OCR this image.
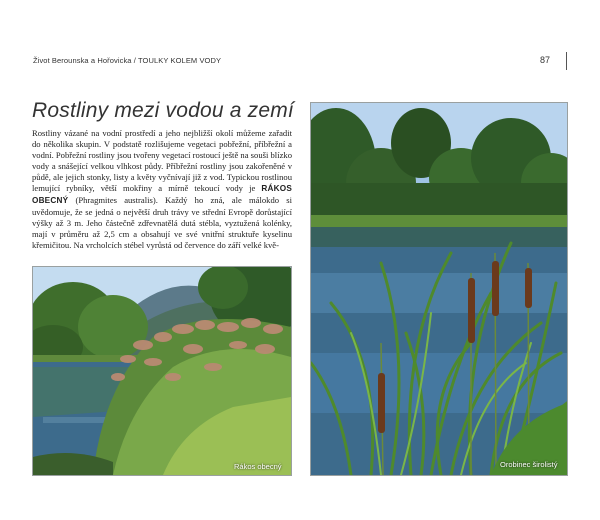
Život Berounska a Hořovicka / TOULKY KOLEM VODY	87
Rostliny mezi vodou a zemí
Rostliny vázané na vodní prostředí a jeho nejbližší okolí můžeme zařadit do několika skupin. V podstatě rozlišujeme vegetaci pobřežní, příbřežní a vodní. Pobřežní rostliny jsou tvořeny vegetací rostoucí ještě na souši blízko vody a snášející velkou vlhkost půdy. Příbřežní rostliny jsou zakořeněné v půdě, ale jejich stonky, listy a květy vyčnívají již z vod. Typickou rostlinou lemující rybníky, větší mokřiny a mírně tekoucí vody je RÁKOS OBECNÝ (Phragmites australis). Každý ho zná, ale málokdo si uvědomuje, že se jedná o největší druh trávy ve střední Evropě dorůstající výšky až 3 m. Jeho částečně zdřevnatělá dutá stébla, vyztužená kolénky, mají v průměru až 2,5 cm a obsahují ve své vnitřní struktuře kyselinu křemičitou. Na vrcholcích stébel vyrůstá od července do září velké kvě-
Rákos obecný	Orobinec širolistý
